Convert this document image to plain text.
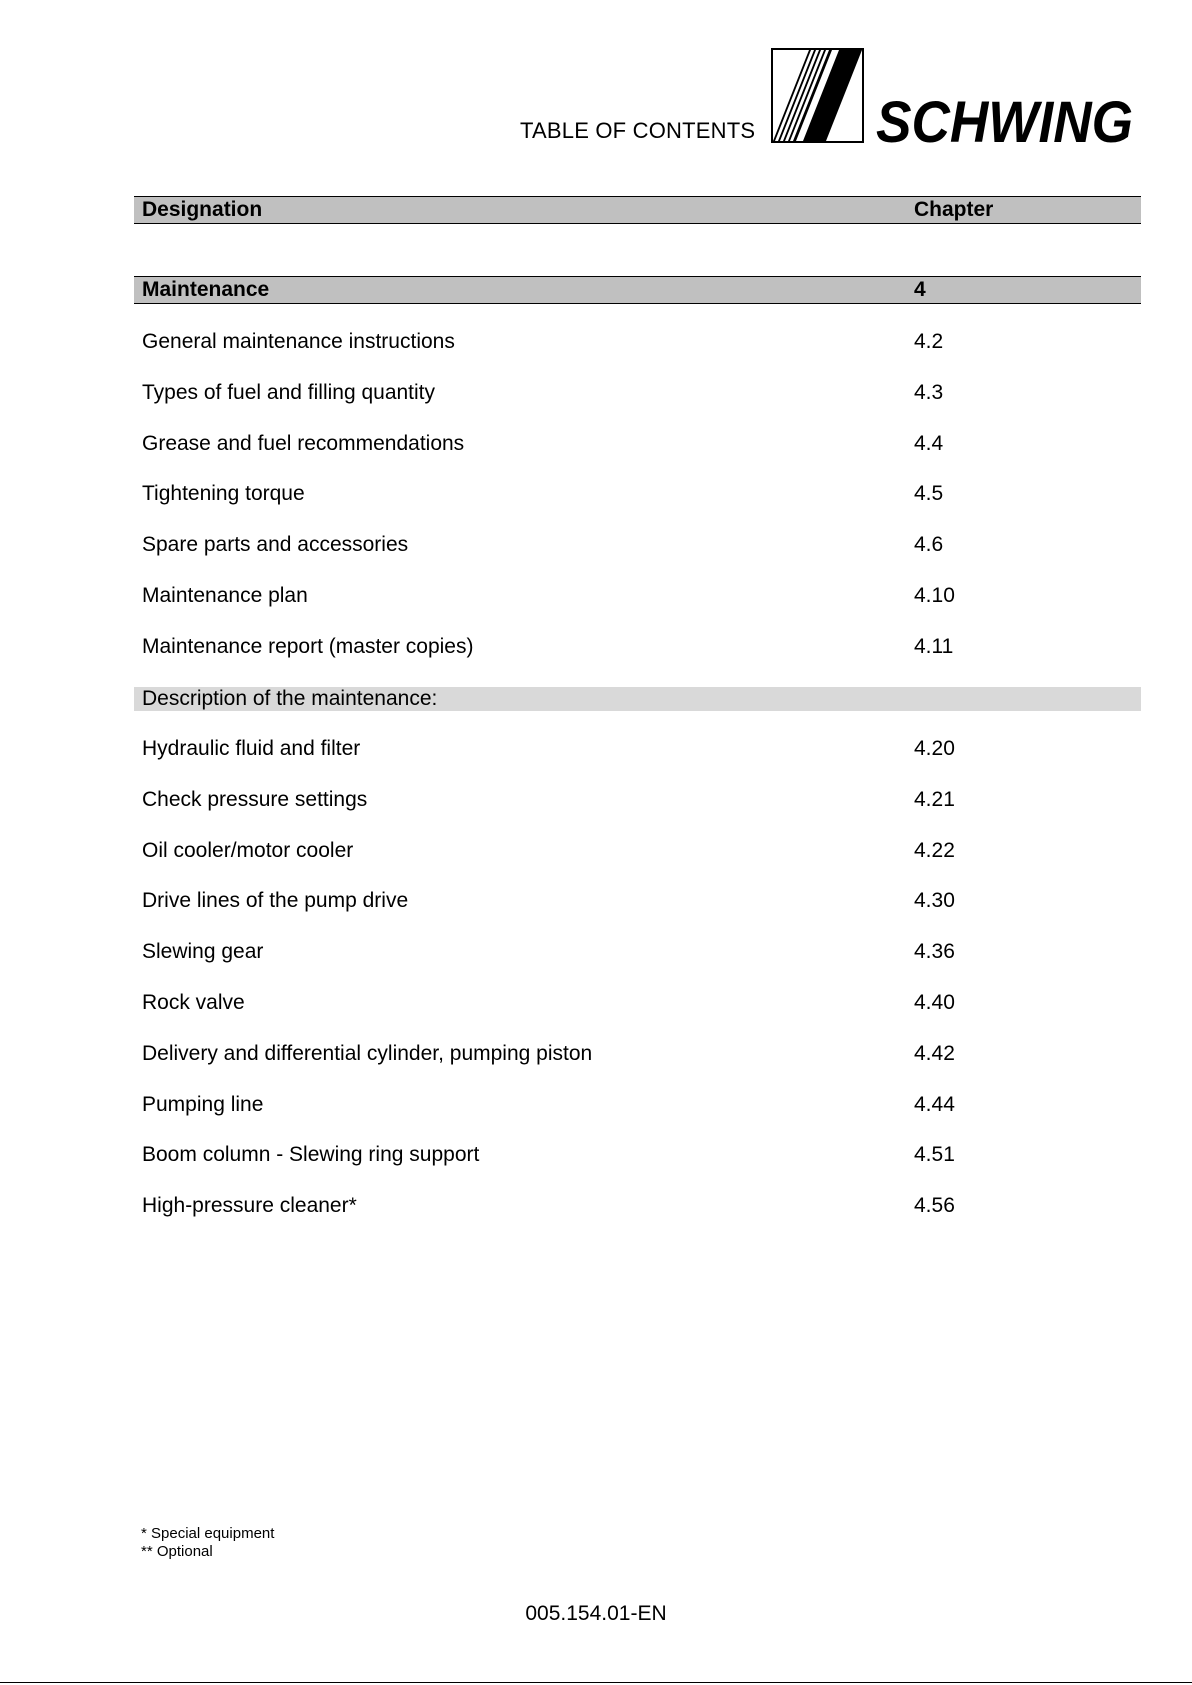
TABLE OF CONTENTS SCHWING
Designation	Chapter
Maintenance	4
General maintenance instructions	4.2
Types of fuel and filling quantity	4.3
Grease and fuel recommendations	4.4
Tightening torque	4.5
Spare parts and accessories	4.6
Maintenance plan	4.10
Maintenance report (master copies)	4.11
Description of the maintenance:
Hydraulic fluid and filter	4.20
Check pressure settings	4.21
Oil cooler/motor cooler	4.22
Drive lines of the pump drive	4.30
Slewing gear	4.36
Rock valve	4.40
Delivery and differential cylinder, pumping piston	4.42
Pumping line	4.44
Boom column - Slewing ring support	4.51
High-pressure cleaner*	4.56
* Special equipment
** Optional
005.154.01-EN
